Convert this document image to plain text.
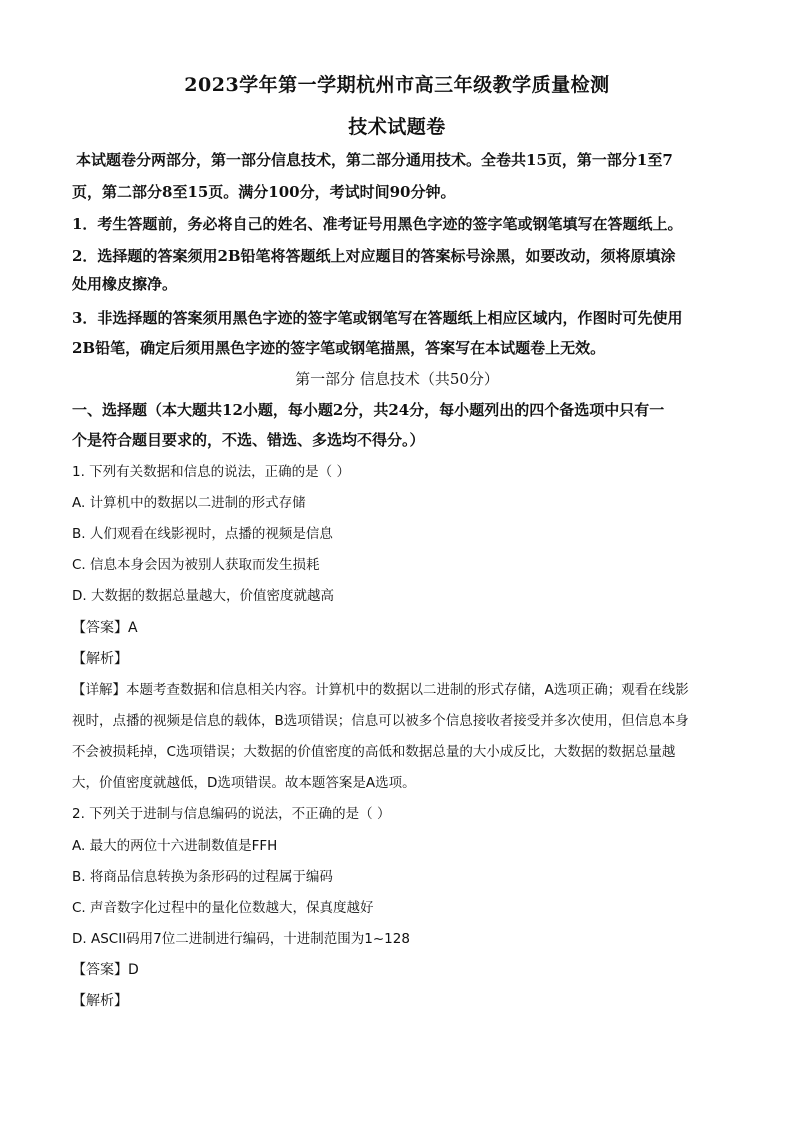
2023学年第一学期杭州市高三年级教学质量检测
技术试题卷
本试题卷分两部分，第一部分信息技术，第二部分通用技术。全卷共15页，第一部分1至7
页，第二部分8至15页。满分100分，考试时间90分钟。
1．考生答题前，务必将自己的姓名、准考证号用黑色字迹的签字笔或钢笔填写在答题纸上。
2．选择题的答案须用2B铅笔将答题纸上对应题目的答案标号涂黑，如要改动，须将原填涂
处用橡皮擦净。
3．非选择题的答案须用黑色字迹的签字笔或钢笔写在答题纸上相应区域内，作图时可先使用
2B铅笔，确定后须用黑色字迹的签字笔或钢笔描黑，答案写在本试题卷上无效。
第一部分 信息技术（共50分）
一、选择题（本大题共12小题，每小题2分，共24分，每小题列出的四个备选项中只有一
个是符合题目要求的，不选、错选、多选均不得分。）
1. 下列有关数据和信息的说法，正确的是（ ）
A. 计算机中的数据以二进制的形式存储
B. 人们观看在线影视时，点播的视频是信息
C. 信息本身会因为被别人获取而发生损耗
D. 大数据的数据总量越大，价值密度就越高
【答案】A
【解析】
【详解】本题考查数据和信息相关内容。计算机中的数据以二进制的形式存储，A选项正确；观看在线影
视时，点播的视频是信息的载体，B选项错误；信息可以被多个信息接收者接受并多次使用，但信息本身
不会被损耗掉，C选项错误；大数据的价值密度的高低和数据总量的大小成反比，大数据的数据总量越
大，价值密度就越低，D选项错误。故本题答案是A选项。
2. 下列关于进制与信息编码的说法，不正确的是（ ）
A. 最大的两位十六进制数值是FFH
B. 将商品信息转换为条形码的过程属于编码
C. 声音数字化过程中的量化位数越大，保真度越好
D. ASCII码用7位二进制进行编码，十进制范围为1~128
【答案】D
【解析】
